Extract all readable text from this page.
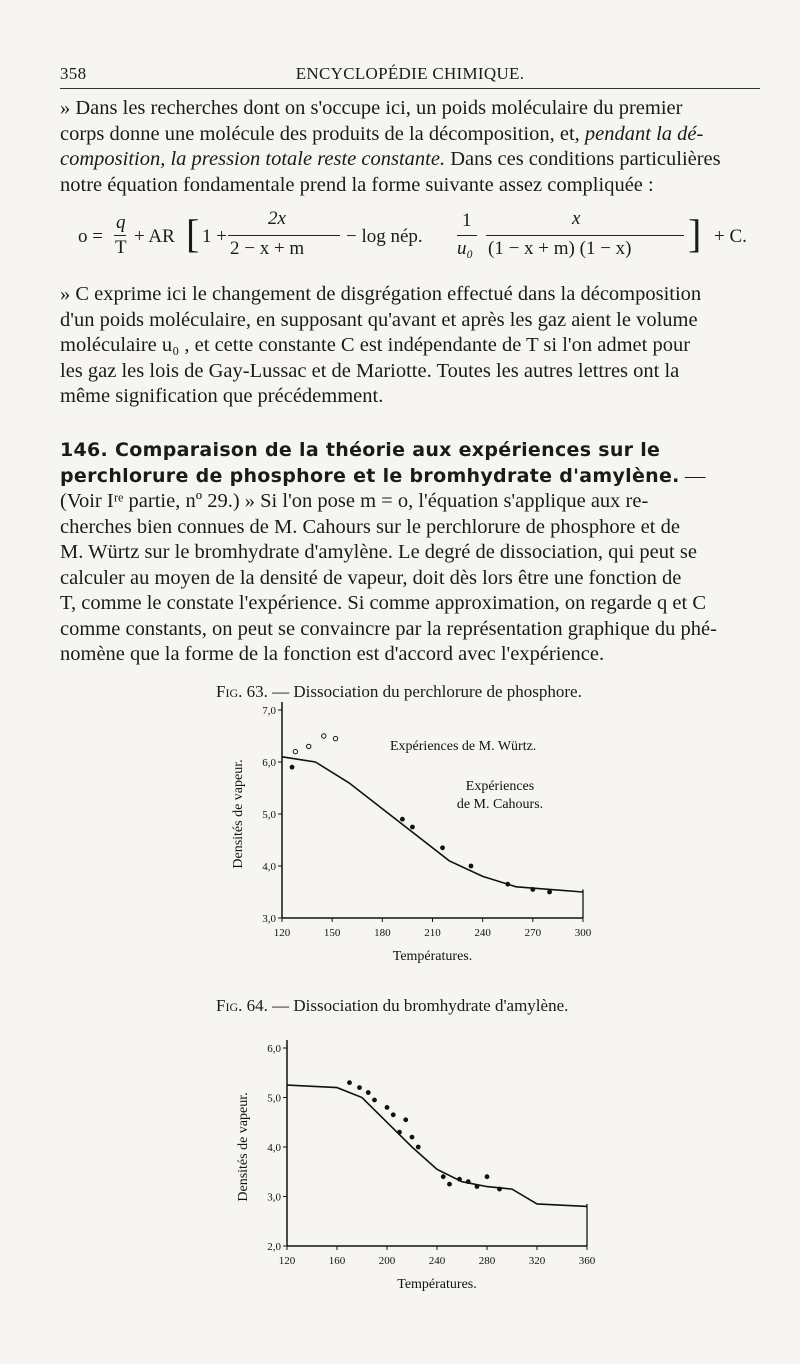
358	ENCYCLOPÉDIE CHIMIQUE.
» Dans les recherches dont on s'occupe ici, un poids moléculaire du premier
corps donne une molécule des produits de la décomposition, et, pendant la dé-
composition, la pression totale reste constante. Dans ces conditions particulières
notre équation fondamentale prend la forme suivante assez compliquée :
o =
q
T
+ AR [ 1 +
2x
2 − x + m
− log nép.
1
u₀
x
(1 − x + m) (1 − x) ] + C.
» C exprime ici le changement de disgrégation effectué dans la décomposition
d'un poids moléculaire, en supposant qu'avant et après les gaz aient le volume
moléculaire u₀ , et cette constante C est indépendante de T si l'on admet pour
les gaz les lois de Gay-Lussac et de Mariotte. Toutes les autres lettres ont la
même signification que précédemment.
146. Comparaison de la théorie aux expériences sur le
perchlorure de phosphore et le bromhydrate d'amylène. —
(Voir Iʳᵉ partie, nº 29.) » Si l'on pose m = o, l'équation s'applique aux re-
cherches bien connues de M. Cahours sur le perchlorure de phosphore et de
M. Würtz sur le bromhydrate d'amylène. Le degré de dissociation, qui peut se
calculer au moyen de la densité de vapeur, doit dès lors être une fonction de
T, comme le constate l'expérience. Si comme approximation, on regarde q et C
comme constants, on peut se convaincre par la représentation graphique du phé-
nomène que la forme de la fonction est d'accord avec l'expérience.
Fig. 63. — Dissociation du perchlorure de phosphore.
120	150	180	210	240	270	300
3,0
4,0
5,0
6,0
7,0
Densités de vapeur.
Températures.
Expériences de M. Würtz.
Expériences
de M. Cahours.
Fig. 64. — Dissociation du bromhydrate d'amylène.
120	160	200	240	280	320	360
2,0
3,0
4,0
5,0
6,0
Densités de vapeur.
Températures.
